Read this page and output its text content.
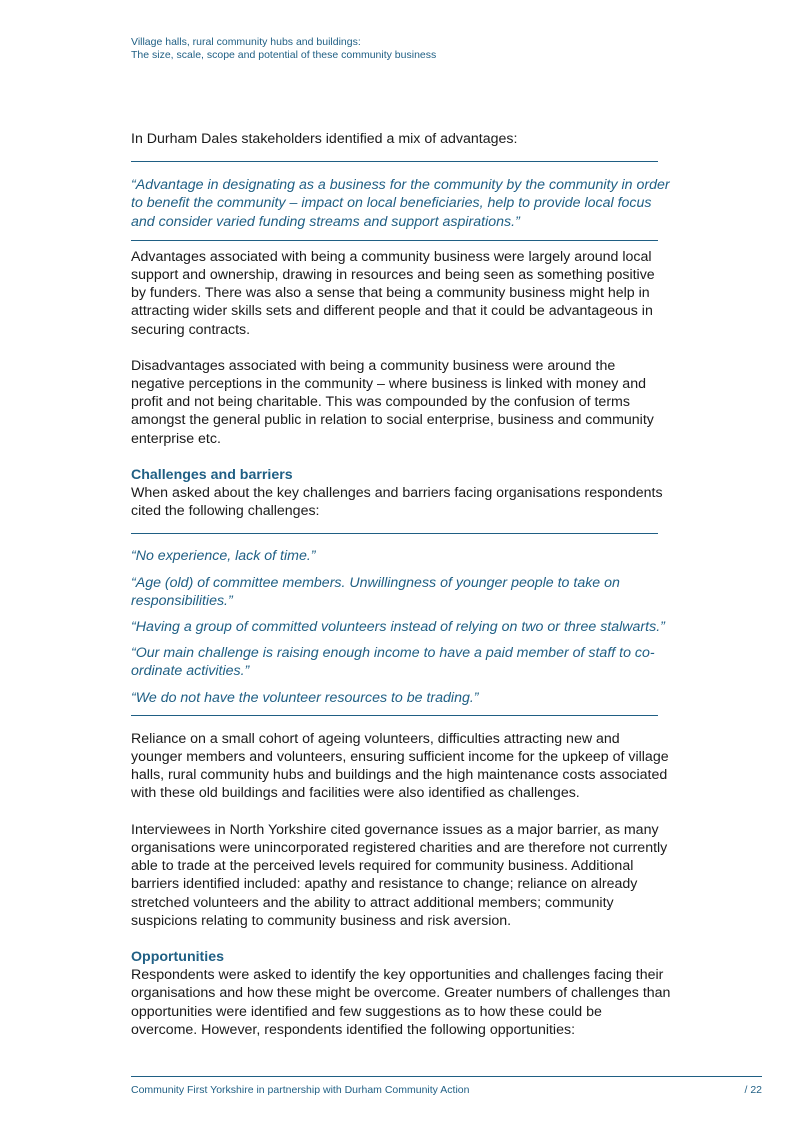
Village halls, rural community hubs and buildings:
The size, scale, scope and potential of these community business

In Durham Dales stakeholders identified a mix of advantages:

“Advantage in designating as a business for the community by the community in order to benefit the community – impact on local beneficiaries, help to provide local focus and consider varied funding streams and support aspirations.”

Advantages associated with being a community business were largely around local support and ownership, drawing in resources and being seen as something positive by funders. There was also a sense that being a community business might help in attracting wider skills sets and different people and that it could be advantageous in securing contracts.

Disadvantages associated with being a community business were around the negative perceptions in the community – where business is linked with money and profit and not being charitable. This was compounded by the confusion of terms amongst the general public in relation to social enterprise, business and community enterprise etc.

Challenges and barriers

When asked about the key challenges and barriers facing organisations respondents cited the following challenges:

“No experience, lack of time.”

“Age (old) of committee members. Unwillingness of younger people to take on responsibilities.”

“Having a group of committed volunteers instead of relying on two or three stalwarts.”

“Our main challenge is raising enough income to have a paid member of staff to co-ordinate activities.”

“We do not have the volunteer resources to be trading.”

Reliance on a small cohort of ageing volunteers, difficulties attracting new and younger members and volunteers, ensuring sufficient income for the upkeep of village halls, rural community hubs and buildings and the high maintenance costs associated with these old buildings and facilities were also identified as challenges.

Interviewees in North Yorkshire cited governance issues as a major barrier, as many organisations were unincorporated registered charities and are therefore not currently able to trade at the perceived levels required for community business. Additional barriers identified included: apathy and resistance to change; reliance on already stretched volunteers and the ability to attract additional members; community suspicions relating to community business and risk aversion.

Opportunities

Respondents were asked to identify the key opportunities and challenges facing their organisations and how these might be overcome. Greater numbers of challenges than opportunities were identified and few suggestions as to how these could be overcome. However, respondents identified the following opportunities:

Community First Yorkshire in partnership with Durham Community Action	/ 22
